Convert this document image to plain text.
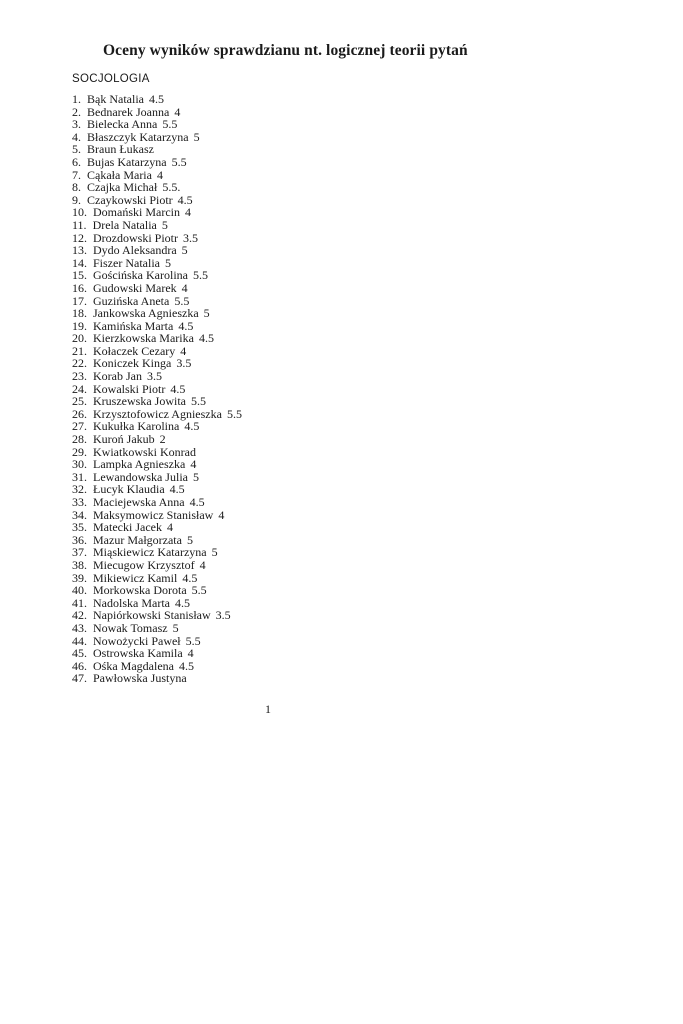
Oceny wyników sprawdzianu nt. logicznej teorii pytań
SOCJOLOGIA
1. Bąk Natalia 4.5
2. Bednarek Joanna 4
3. Bielecka Anna 5.5
4. Błaszczyk Katarzyna 5
5. Braun Łukasz
6. Bujas Katarzyna 5.5
7. Cąkała Maria 4
8. Czajka Michał 5.5.
9. Czaykowski Piotr 4.5
10. Domański Marcin 4
11. Drela Natalia 5
12. Drozdowski Piotr 3.5
13. Dydo Aleksandra 5
14. Fiszer Natalia 5
15. Gościńska Karolina 5.5
16. Gudowski Marek 4
17. Guzińska Aneta 5.5
18. Jankowska Agnieszka 5
19. Kamińska Marta 4.5
20. Kierzkowska Marika 4.5
21. Kołaczek Cezary 4
22. Koniczek Kinga 3.5
23. Korab Jan 3.5
24. Kowalski Piotr 4.5
25. Kruszewska Jowita 5.5
26. Krzysztofowicz Agnieszka 5.5
27. Kukułka Karolina 4.5
28. Kuroń Jakub 2
29. Kwiatkowski Konrad
30. Lampka Agnieszka 4
31. Lewandowska Julia 5
32. Łucyk Klaudia 4.5
33. Maciejewska Anna 4.5
34. Maksymowicz Stanisław 4
35. Matecki Jacek 4
36. Mazur Małgorzata 5
37. Miąskiewicz Katarzyna 5
38. Miecugow Krzysztof 4
39. Mikiewicz Kamil 4.5
40. Morkowska Dorota 5.5
41. Nadolska Marta 4.5
42. Napiórkowski Stanisław 3.5
43. Nowak Tomasz 5
44. Nowożycki Paweł 5.5
45. Ostrowska Kamila 4
46. Ośka Magdalena 4.5
47. Pawłowska Justyna
1
